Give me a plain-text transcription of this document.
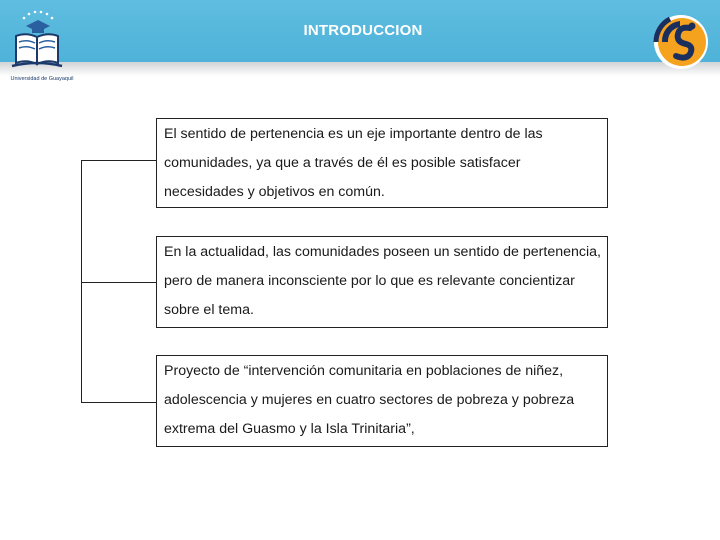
Universidad de Guayaquil
INTRODUCCION
El sentido de pertenencia es un eje importante dentro de las comunidades, ya que a través de él es posible satisfacer necesidades y objetivos en común.
En la actualidad, las comunidades poseen un sentido de pertenencia, pero de manera inconsciente por lo que es relevante concientizar sobre el tema.
Proyecto de “intervención comunitaria en poblaciones de niñez, adolescencia y mujeres en cuatro sectores de pobreza y pobreza extrema del Guasmo y la Isla Trinitaria”,
